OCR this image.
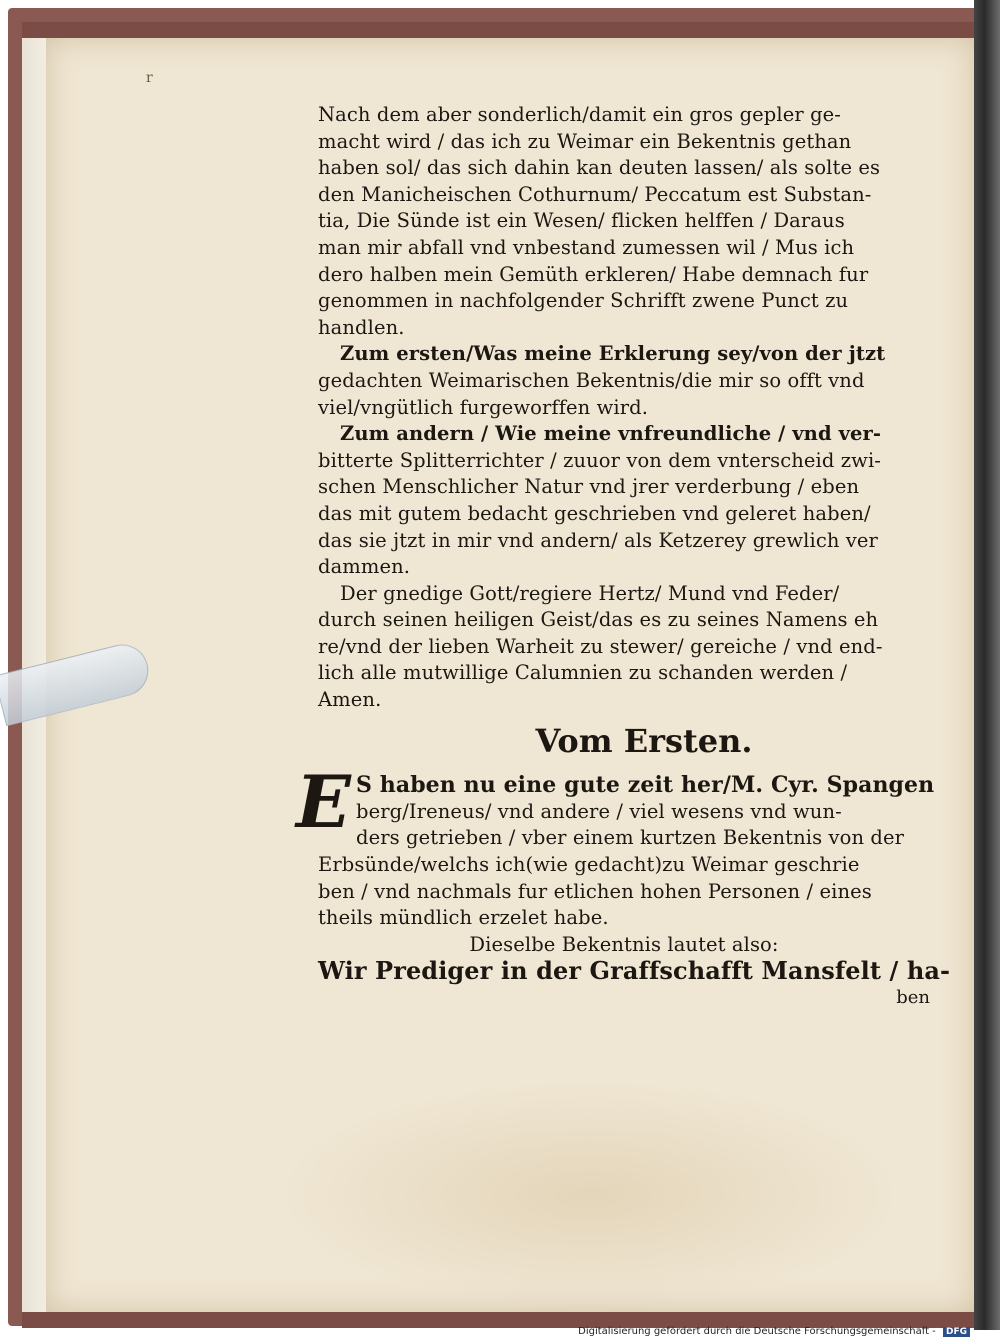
r
Nach dem aber sonderlich/damit ein gros gepler ge-
macht wird / das ich zu Weimar ein Bekentnis gethan
haben sol/ das sich dahin kan deuten lassen/ als solte es
den Manicheischen Cothurnum/ Peccatum est Substan-
tia, Die Sünde ist ein Wesen/ flicken helffen / Daraus
man mir abfall vnd vnbestand zumessen wil / Mus ich
dero halben mein Gemüth erkleren/ Habe demnach fur
genommen in nachfolgender Schrifft zwene Punct zu
handlen.
Zum ersten/Was meine Erklerung sey/von der jtzt
gedachten Weimarischen Bekentnis/die mir so offt vnd
viel/vngütlich furgeworffen wird.
Zum andern / Wie meine vnfreundliche / vnd ver-
bitterte Splitterrichter / zuuor von dem vnterscheid zwi-
schen Menschlicher Natur vnd jrer verderbung / eben
das mit gutem bedacht geschrieben vnd geleret haben/
das sie jtzt in mir vnd andern/ als Ketzerey grewlich ver
dammen.
Der gnedige Gott/regiere Hertz/ Mund vnd Feder/
durch seinen heiligen Geist/das es zu seines Namens eh
re/vnd der lieben Warheit zu stewer/ gereiche / vnd end-
lich alle mutwillige Calumnien zu schanden werden /
Amen.
Vom Ersten.
E S haben nu eine gute zeit her/M. Cyr. Spangen
berg/Ireneus/ vnd andere / viel wesens vnd wun-
ders getrieben / vber einem kurtzen Bekentnis von der
Erbsünde/welchs ich(wie gedacht)zu Weimar geschrie
ben / vnd nachmals fur etlichen hohen Personen / eines
theils mündlich erzelet habe.
Dieselbe Bekentnis lautet also:
Wir Prediger in der Graffschafft Mansfelt / ha-
ben
Digitalisierung gefördert durch die Deutsche Forschungsgemeinschaft - DFG
